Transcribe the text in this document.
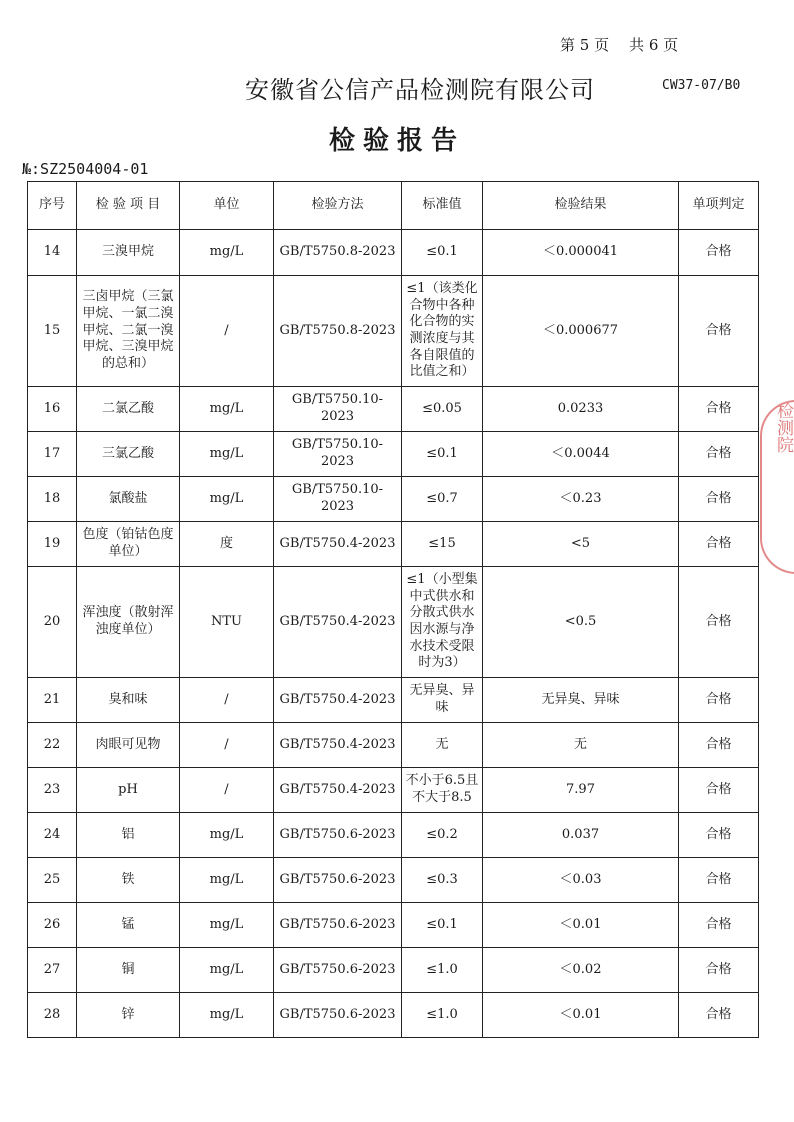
第 5 页 共 6 页
安徽省公信产品检测院有限公司	CW37-07/B0
检验报告
№:SZ2504004-01
序号	检 验 项 目	单位	检验方法	标准值	检验结果	单项判定
14	三溴甲烷	mg/L	GB/T5750.8-2023	≤0.1	＜0.000041	合格
15	三卤甲烷（三氯甲烷、一氯二溴甲烷、二氯一溴甲烷、三溴甲烷的总和）	/	GB/T5750.8-2023	≤1（该类化合物中各种化合物的实测浓度与其各自限值的比值之和）	＜0.000677	合格
16	二氯乙酸	mg/L	GB/T5750.10-2023	≤0.05	0.0233	合格
17	三氯乙酸	mg/L	GB/T5750.10-2023	≤0.1	＜0.0044	合格
18	氯酸盐	mg/L	GB/T5750.10-2023	≤0.7	＜0.23	合格
19	色度（铂钴色度单位）	度	GB/T5750.4-2023	≤15	<5	合格
20	浑浊度（散射浑浊度单位）	NTU	GB/T5750.4-2023	≤1（小型集中式供水和分散式供水因水源与净水技术受限时为3）	<0.5	合格
21	臭和味	/	GB/T5750.4-2023	无异臭、异味	无异臭、异味	合格
22	肉眼可见物	/	GB/T5750.4-2023	无	无	合格
23	pH	/	GB/T5750.4-2023	不小于6.5且不大于8.5	7.97	合格
24	铝	mg/L	GB/T5750.6-2023	≤0.2	0.037	合格
25	铁	mg/L	GB/T5750.6-2023	≤0.3	＜0.03	合格
26	锰	mg/L	GB/T5750.6-2023	≤0.1	＜0.01	合格
27	铜	mg/L	GB/T5750.6-2023	≤1.0	＜0.02	合格
28	锌	mg/L	GB/T5750.6-2023	≤1.0	＜0.01	合格
检测院
